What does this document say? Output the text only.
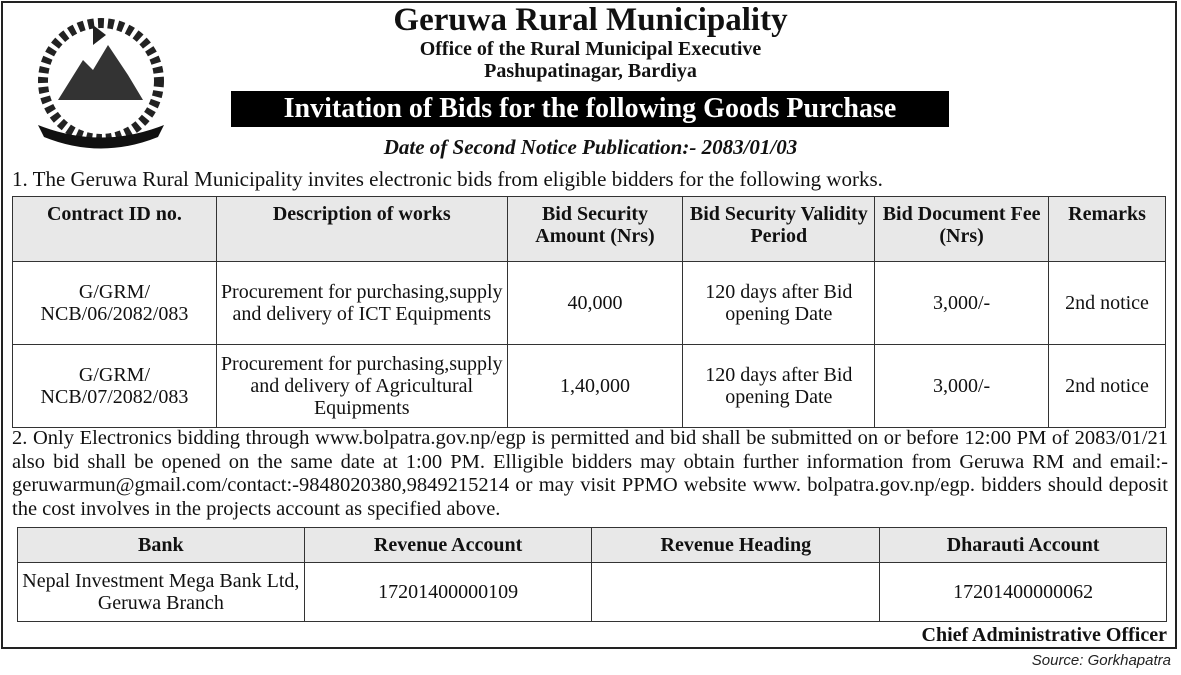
Geruwa Rural Municipality
Office of the Rural Municipal Executive
Pashupatinagar, Bardiya
Invitation of Bids for the following Goods Purchase
Date of Second Notice Publication:- 2083/01/03
1. The Geruwa Rural Municipality invites electronic bids from eligible bidders for the following works.
Contract ID no.	Description of works	Bid Security Amount (Nrs)	Bid Security Validity Period	Bid Document Fee (Nrs)	Remarks
G/GRM/ NCB/06/2082/083	Procurement for purchasing,supply and delivery of ICT Equipments	40,000	120 days after Bid opening Date	3,000/-	2nd notice
G/GRM/ NCB/07/2082/083	Procurement for purchasing,supply and delivery of Agricultural Equipments	1,40,000	120 days after Bid opening Date	3,000/-	2nd notice
2. Only Electronics bidding through www.bolpatra.gov.np/egp is permitted and bid shall be submitted on or before 12:00 PM of 2083/01/21 also bid shall be opened on the same date at 1:00 PM. Elligible bidders may obtain further information from Geruwa RM and email:- geruwarmun@gmail.com/contact:-9848020380,9849215214 or may visit PPMO website www. bolpatra.gov.np/egp. bidders should deposit the cost involves in the projects account as specified above.
Bank	Revenue Account	Revenue Heading	Dharauti Account
Nepal Investment Mega Bank Ltd, Geruwa Branch	17201400000109		17201400000062
Chief Administrative Officer
Source: Gorkhapatra
